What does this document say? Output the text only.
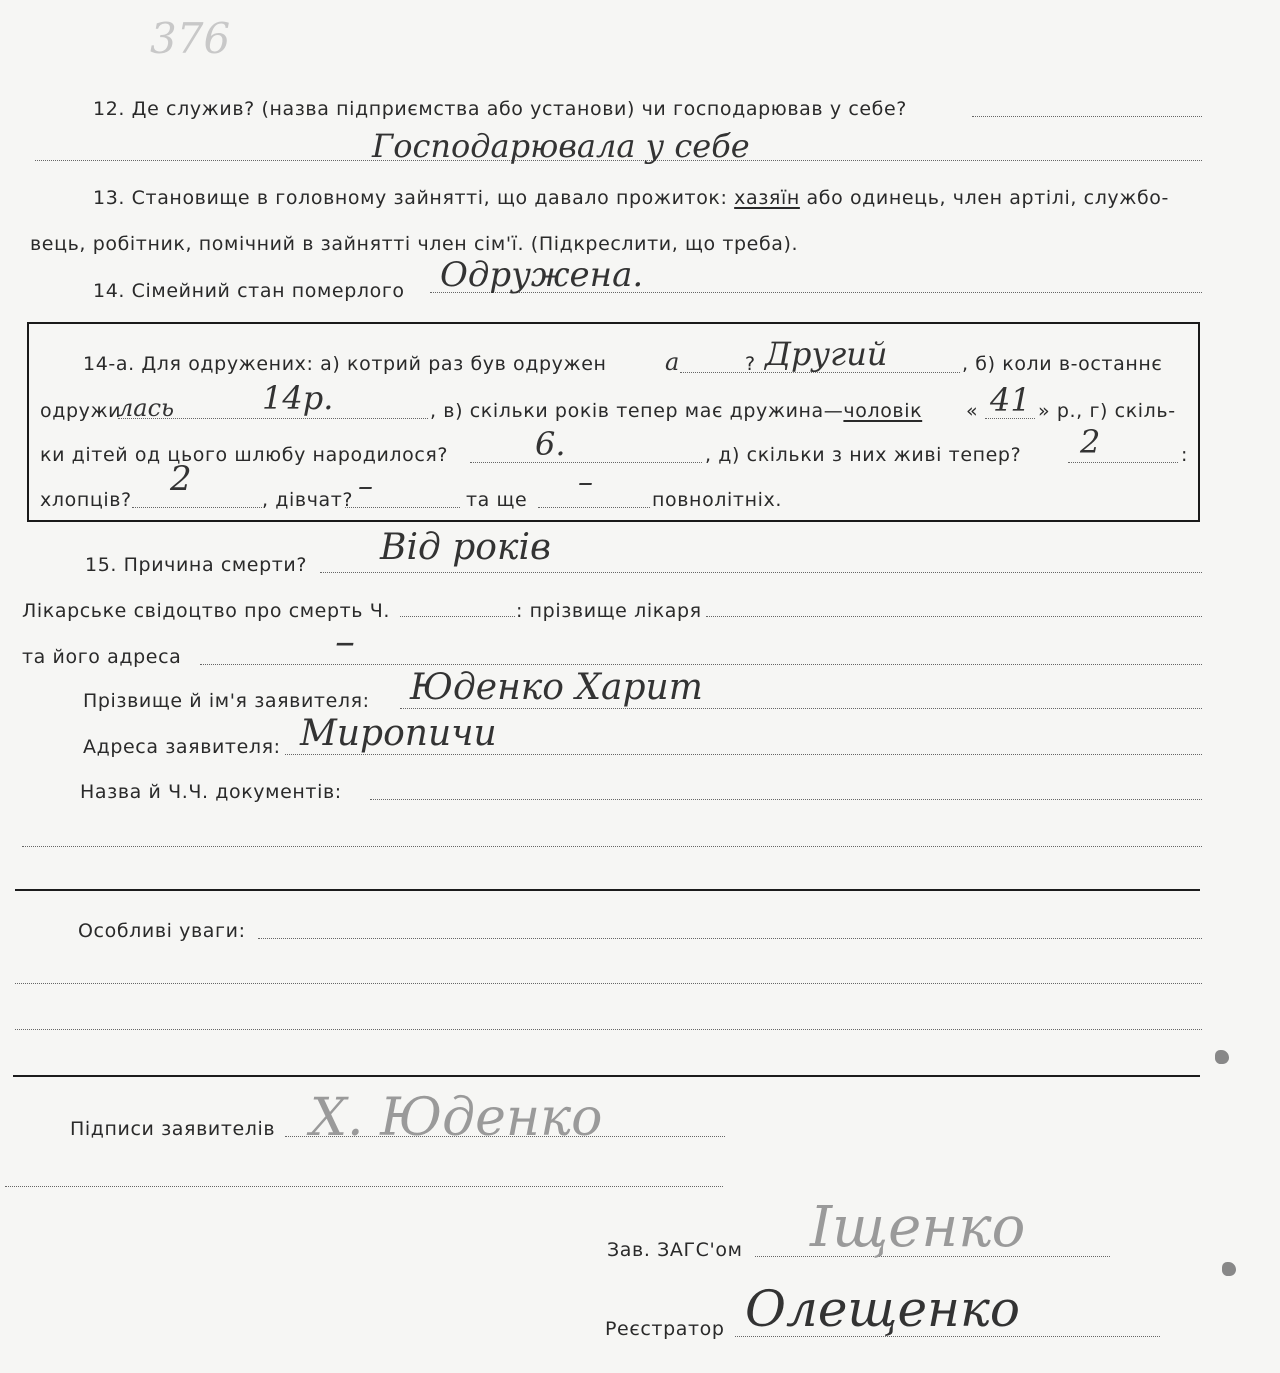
376
12. Де служив? (назва підприємства або установи) чи господарював у себе?
Господарювала у себе
13. Становище в головному зайнятті, що давало прожиток: хазяїн або одинець, член артілі, службо-
вець, робітник, помічний в зайнятті член сім'ї. (Підкреслити, що треба).
14. Сімейний стан померлого Одружена.
14-а. Для одружених: а) котрий раз був одружен а	? Другий	, б) коли в-останнє
одружи
лась	14р.	, в) скільки років тепер має дружина—чоловік « 41 » р., г) скіль-
ки дітей од цього шлюбу народилося?	6.	, д) скільки з них живі тепер? 2	:
хлопців?
2
, дівчат? –	та ще –	повнолітніх.
15. Причина смерти? Від років
Лікарське свідоцтво про смерть Ч.	: прізвище лікаря
та його адреса	–
Прізвище й ім'я заявителя: Юденко Харит
Адреса заявителя: Миропичи
Назва й Ч.Ч. документів:
Особливі уваги:
Підписи заявителів Х. Юденко
Зав. ЗАГС'ом Іщенко
Реєстратор Олещенко
